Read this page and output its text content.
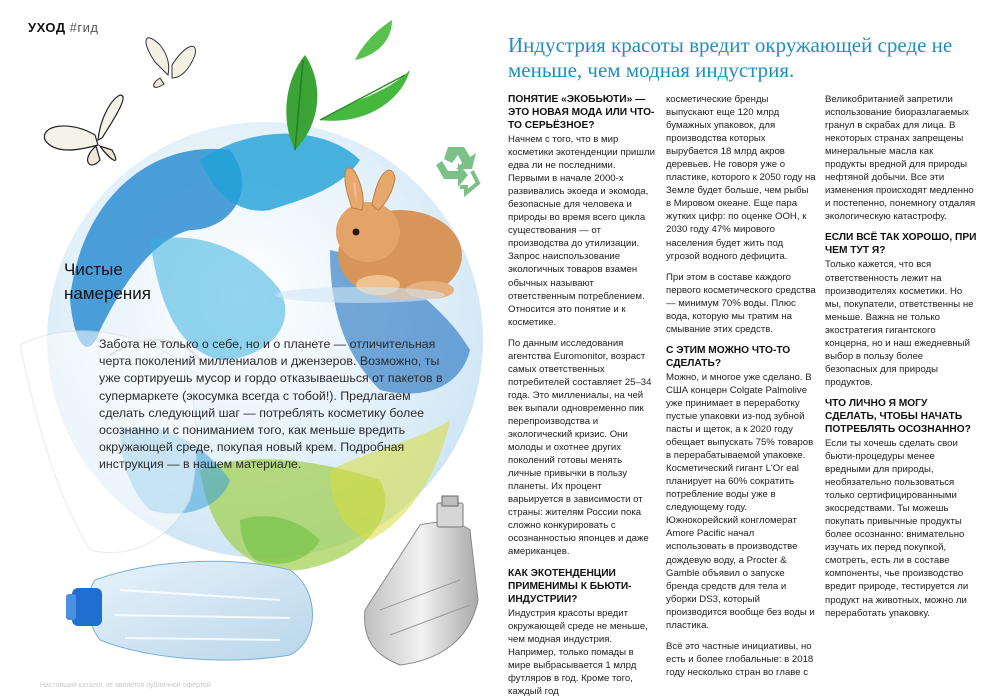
УХОД #гид
Чистые
намерения
Забота не только о себе, но и о планете — отличительная черта поколений миллениалов и джензеров. Возможно, ты уже сортируешь мусор и гордо отказываешься от пакетов в супермаркете (экосумка всегда с тобой!). Предлагаем сделать следующий шаг — потреблять косметику более осознанно и с пониманием того, как меньше вредить окружающей среде, покупая новый крем. Подробная инструкция — в нашем материале.
Настоящий каталог не является публичной офертой
Индустрия красоты вредит окружающей среде не меньше, чем модная индустрия.
ПОНЯТИЕ «ЭКОБЬЮТИ» — ЭТО НОВАЯ МОДА ИЛИ ЧТО-ТО СЕРЬЁЗНОЕ?

Начнем с того, что в мир косметики экотенденции пришли едва ли не последними. Первыми в начале 2000-х развивались экоеда и экомода, безопасные для человека и природы во время всего цикла существования — от производства до утилизации. Запрос наиспользование экологичных товаров взамен обычных называют ответственным потреблением. Относится это понятие и к косметике.

По данным исследования агентства Euromonitor, возраст самых ответственных потребителей составляет 25–34 года. Это миллениалы, на чей век выпали одновременно пик перепроизводства и экологический кризис. Они молоды и охотнее других поколений готовы менять личные привычки в пользу планеты. Их процент варьируется в зависимости от страны: жителям России пока сложно конкурировать с осознанностью японцев и даже американцев.

КАК ЭКОТЕНДЕНЦИИ ПРИМЕНИМЫ К БЬЮТИ-ИНДУСТРИИ?

Индустрия красоты вредит окружающей среде не меньше, чем модная индустрия. Например, только помады в мире выбрасывается 1 млрд футляров в год. Кроме того, каждый год

косметические бренды выпускают еще 120 млрд бумажных упаковок, для производства которых вырубается 18 млрд акров деревьев. Не говоря уже о пластике, которого к 2050 году на Земле будет больше, чем рыбы в Мировом океане. Еще пара жутких цифр: по оценке ООН, к 2030 году 47% мирового населения будет жить под угрозой водного дефицита.

При этом в составе каждого первого косметического средства — минимум 70% воды. Плюс вода, которую мы тратим на смывание этих средств.

С ЭТИМ МОЖНО ЧТО-ТО СДЕЛАТЬ?

Можно, и многое уже сделано. В США концерн Colgate Palmolive уже принимает в переработку пустые упаковки из-под зубной пасты и щеток, а к 2020 году обещает выпускать 75% товаров в перерабатываемой упаковке. Косметический гигант L'Or eal планирует на 60% сократить потребление воды уже в следующему году. Южнокорейский конгломерат Amore Pacific начал использовать в производстве дождевую воду, а Procter & Gamble объявил о запуске бренда средств для тела и уборки DS3, который производится вообще без воды и пластика.

Всё это частные инициативы, но есть и более глобальные: в 2018 году несколько стран во главе с

Великобританией запретили использование биоразлагаемых гранул в скрабах для лица. В некоторых странах запрещены минеральные масла как продукты вредной для природы нефтяной добычи. Все эти изменения происходят медленно и постепенно, понемногу отдаляя экологическую катастрофу.

ЕСЛИ ВСЁ ТАК ХОРОШО, ПРИ ЧЕМ ТУТ Я?

Только кажется, что вся ответственность лежит на производителях косметики. Но мы, покупатели, ответственны не меньше. Важна не только экостратегия гигантского концерна, но и наш ежедневный выбор в пользу более безопасных для природы продуктов.

ЧТО ЛИЧНО Я МОГУ СДЕЛАТЬ, ЧТОБЫ НАЧАТЬ ПОТРЕБЛЯТЬ ОСОЗНАННО?

Если ты хочешь сделать свои бьюти-процедуры менее вредными для природы, необязательно пользоваться только сертифицированными экосредствами. Ты можешь покупать привычные продукты более осознанно: внимательно изучать их перед покупкой, смотреть, есть ли в составе компоненты, чье производство вредит природе, тестируется ли продукт на животных, можно ли переработать упаковку.
